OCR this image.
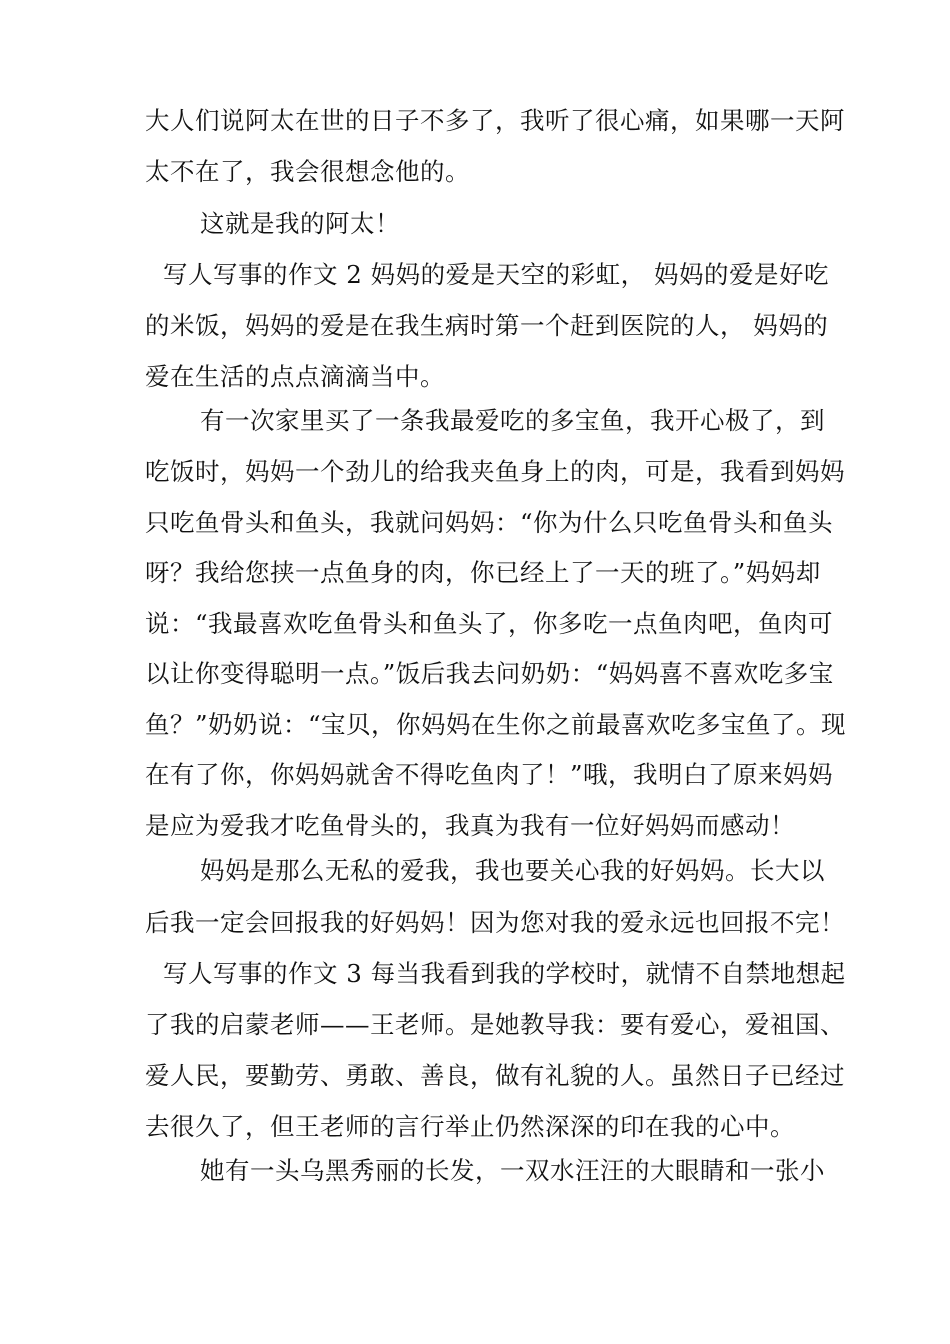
大人们说阿太在世的日子不多了，我听了很心痛，如果哪一天阿
太不在了，我会很想念他的。
这就是我的阿太！
写人写事的作文 2 妈妈的爱是天空的彩虹， 妈妈的爱是好吃
的米饭，妈妈的爱是在我生病时第一个赶到医院的人， 妈妈的
爱在生活的点点滴滴当中。
有一次家里买了一条我最爱吃的多宝鱼，我开心极了，到
吃饭时，妈妈一个劲儿的给我夹鱼身上的肉，可是，我看到妈妈
只吃鱼骨头和鱼头，我就问妈妈：“你为什么只吃鱼骨头和鱼头
呀？我给您挟一点鱼身的肉，你已经上了一天的班了。”妈妈却
说：“我最喜欢吃鱼骨头和鱼头了，你多吃一点鱼肉吧，鱼肉可
以让你变得聪明一点。”饭后我去问奶奶：“妈妈喜不喜欢吃多宝
鱼？”奶奶说：“宝贝，你妈妈在生你之前最喜欢吃多宝鱼了。现
在有了你，你妈妈就舍不得吃鱼肉了！”哦，我明白了原来妈妈
是应为爱我才吃鱼骨头的，我真为我有一位好妈妈而感动！
妈妈是那么无私的爱我，我也要关心我的好妈妈。长大以
后我一定会回报我的好妈妈！因为您对我的爱永远也回报不完！
写人写事的作文 3 每当我看到我的学校时，就情不自禁地想起
了我的启蒙老师——王老师。是她教导我：要有爱心，爱祖国、
爱人民，要勤劳、勇敢、善良，做有礼貌的人。虽然日子已经过
去很久了，但王老师的言行举止仍然深深的印在我的心中。
她有一头乌黑秀丽的长发，一双水汪汪的大眼睛和一张小
